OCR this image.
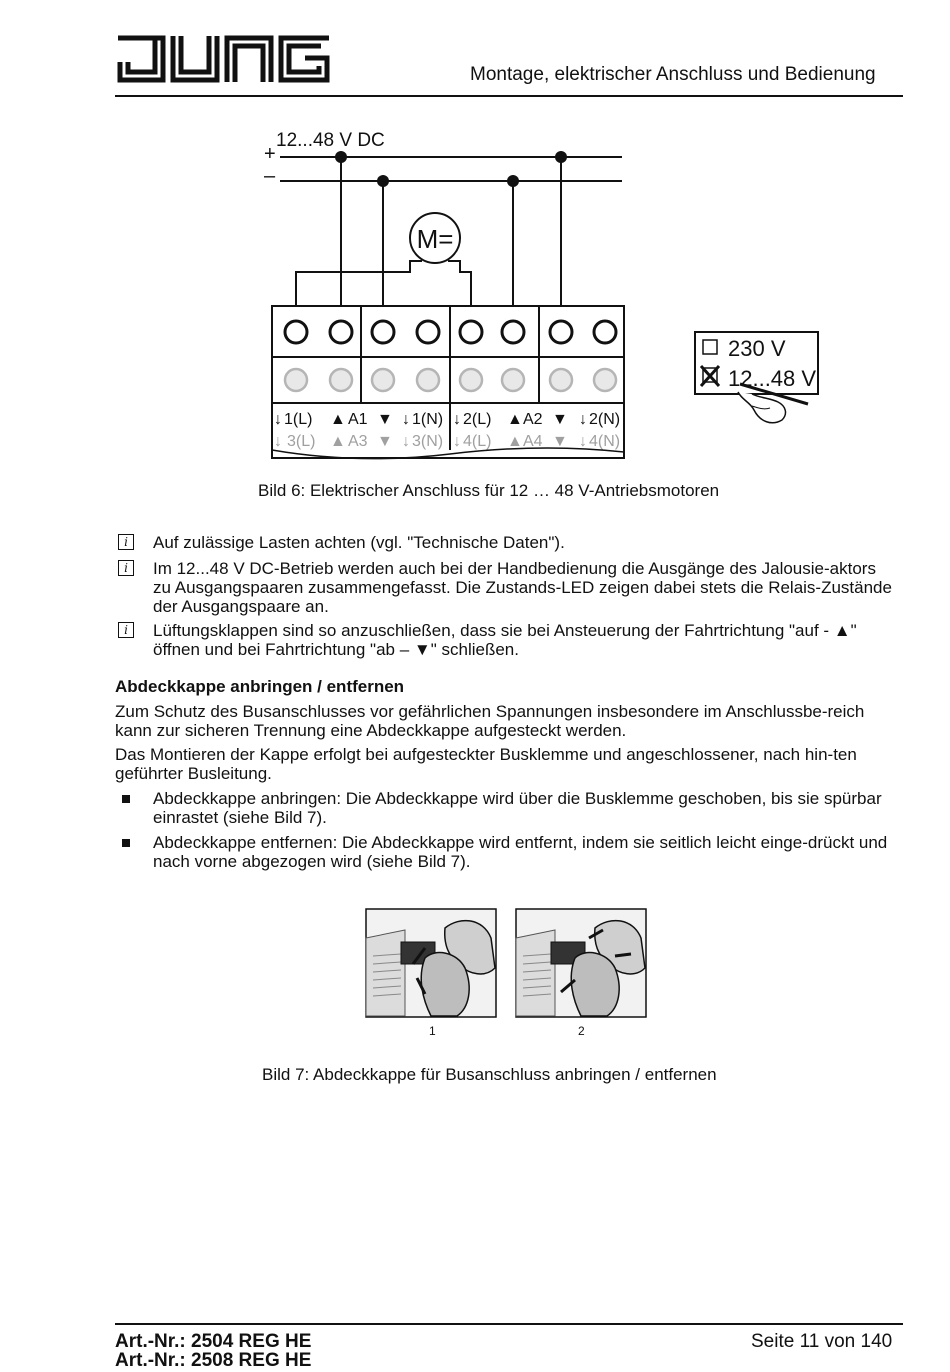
JUNG
Montage, elektrischer Anschluss und Bedienung
+
12...48 V DC
–
M=
↓ 1(L) ▲ A1 ▼ ↓ 1(N) ↓ 2(L) ▲ A2 ▼ ↓ 2(N)
↓ 3(L) ▲ A3 ▼ ↓ 3(N) ↓ 4(L) ▲ A4 ▼ ↓ 4(N)
230 V
12...48 V
Bild 6: Elektrischer Anschluss für 12 … 48 V-Antriebsmotoren
i	Auf zulässige Lasten achten (vgl. "Technische Daten").
i	Im 12...48 V DC-Betrieb werden auch bei der Handbedienung die Ausgänge des Jalousie-aktors zu Ausgangspaaren zusammengefasst. Die Zustands-LED zeigen dabei stets die Relais-Zustände der Ausgangspaare an.
i	Lüftungsklappen sind so anzuschließen, dass sie bei Ansteuerung der Fahrtrichtung "auf - ▲" öffnen und bei Fahrtrichtung "ab – ▼" schließen.
Abdeckkappe anbringen / entfernen
Zum Schutz des Busanschlusses vor gefährlichen Spannungen insbesondere im Anschlussbe-reich kann zur sicheren Trennung eine Abdeckkappe aufgesteckt werden.
Das Montieren der Kappe erfolgt bei aufgesteckter Busklemme und angeschlossener, nach hin-ten geführter Busleitung.
Abdeckkappe anbringen: Die Abdeckkappe wird über die Busklemme geschoben, bis sie spürbar einrastet (siehe Bild 7).
Abdeckkappe entfernen: Die Abdeckkappe wird entfernt, indem sie seitlich leicht einge-drückt und nach vorne abgezogen wird (siehe Bild 7).
1	2
Bild 7: Abdeckkappe für Busanschluss anbringen / entfernen
Art.-Nr.: 2504 REG HE
Art.-Nr.: 2508 REG HE
Seite 11 von 140
